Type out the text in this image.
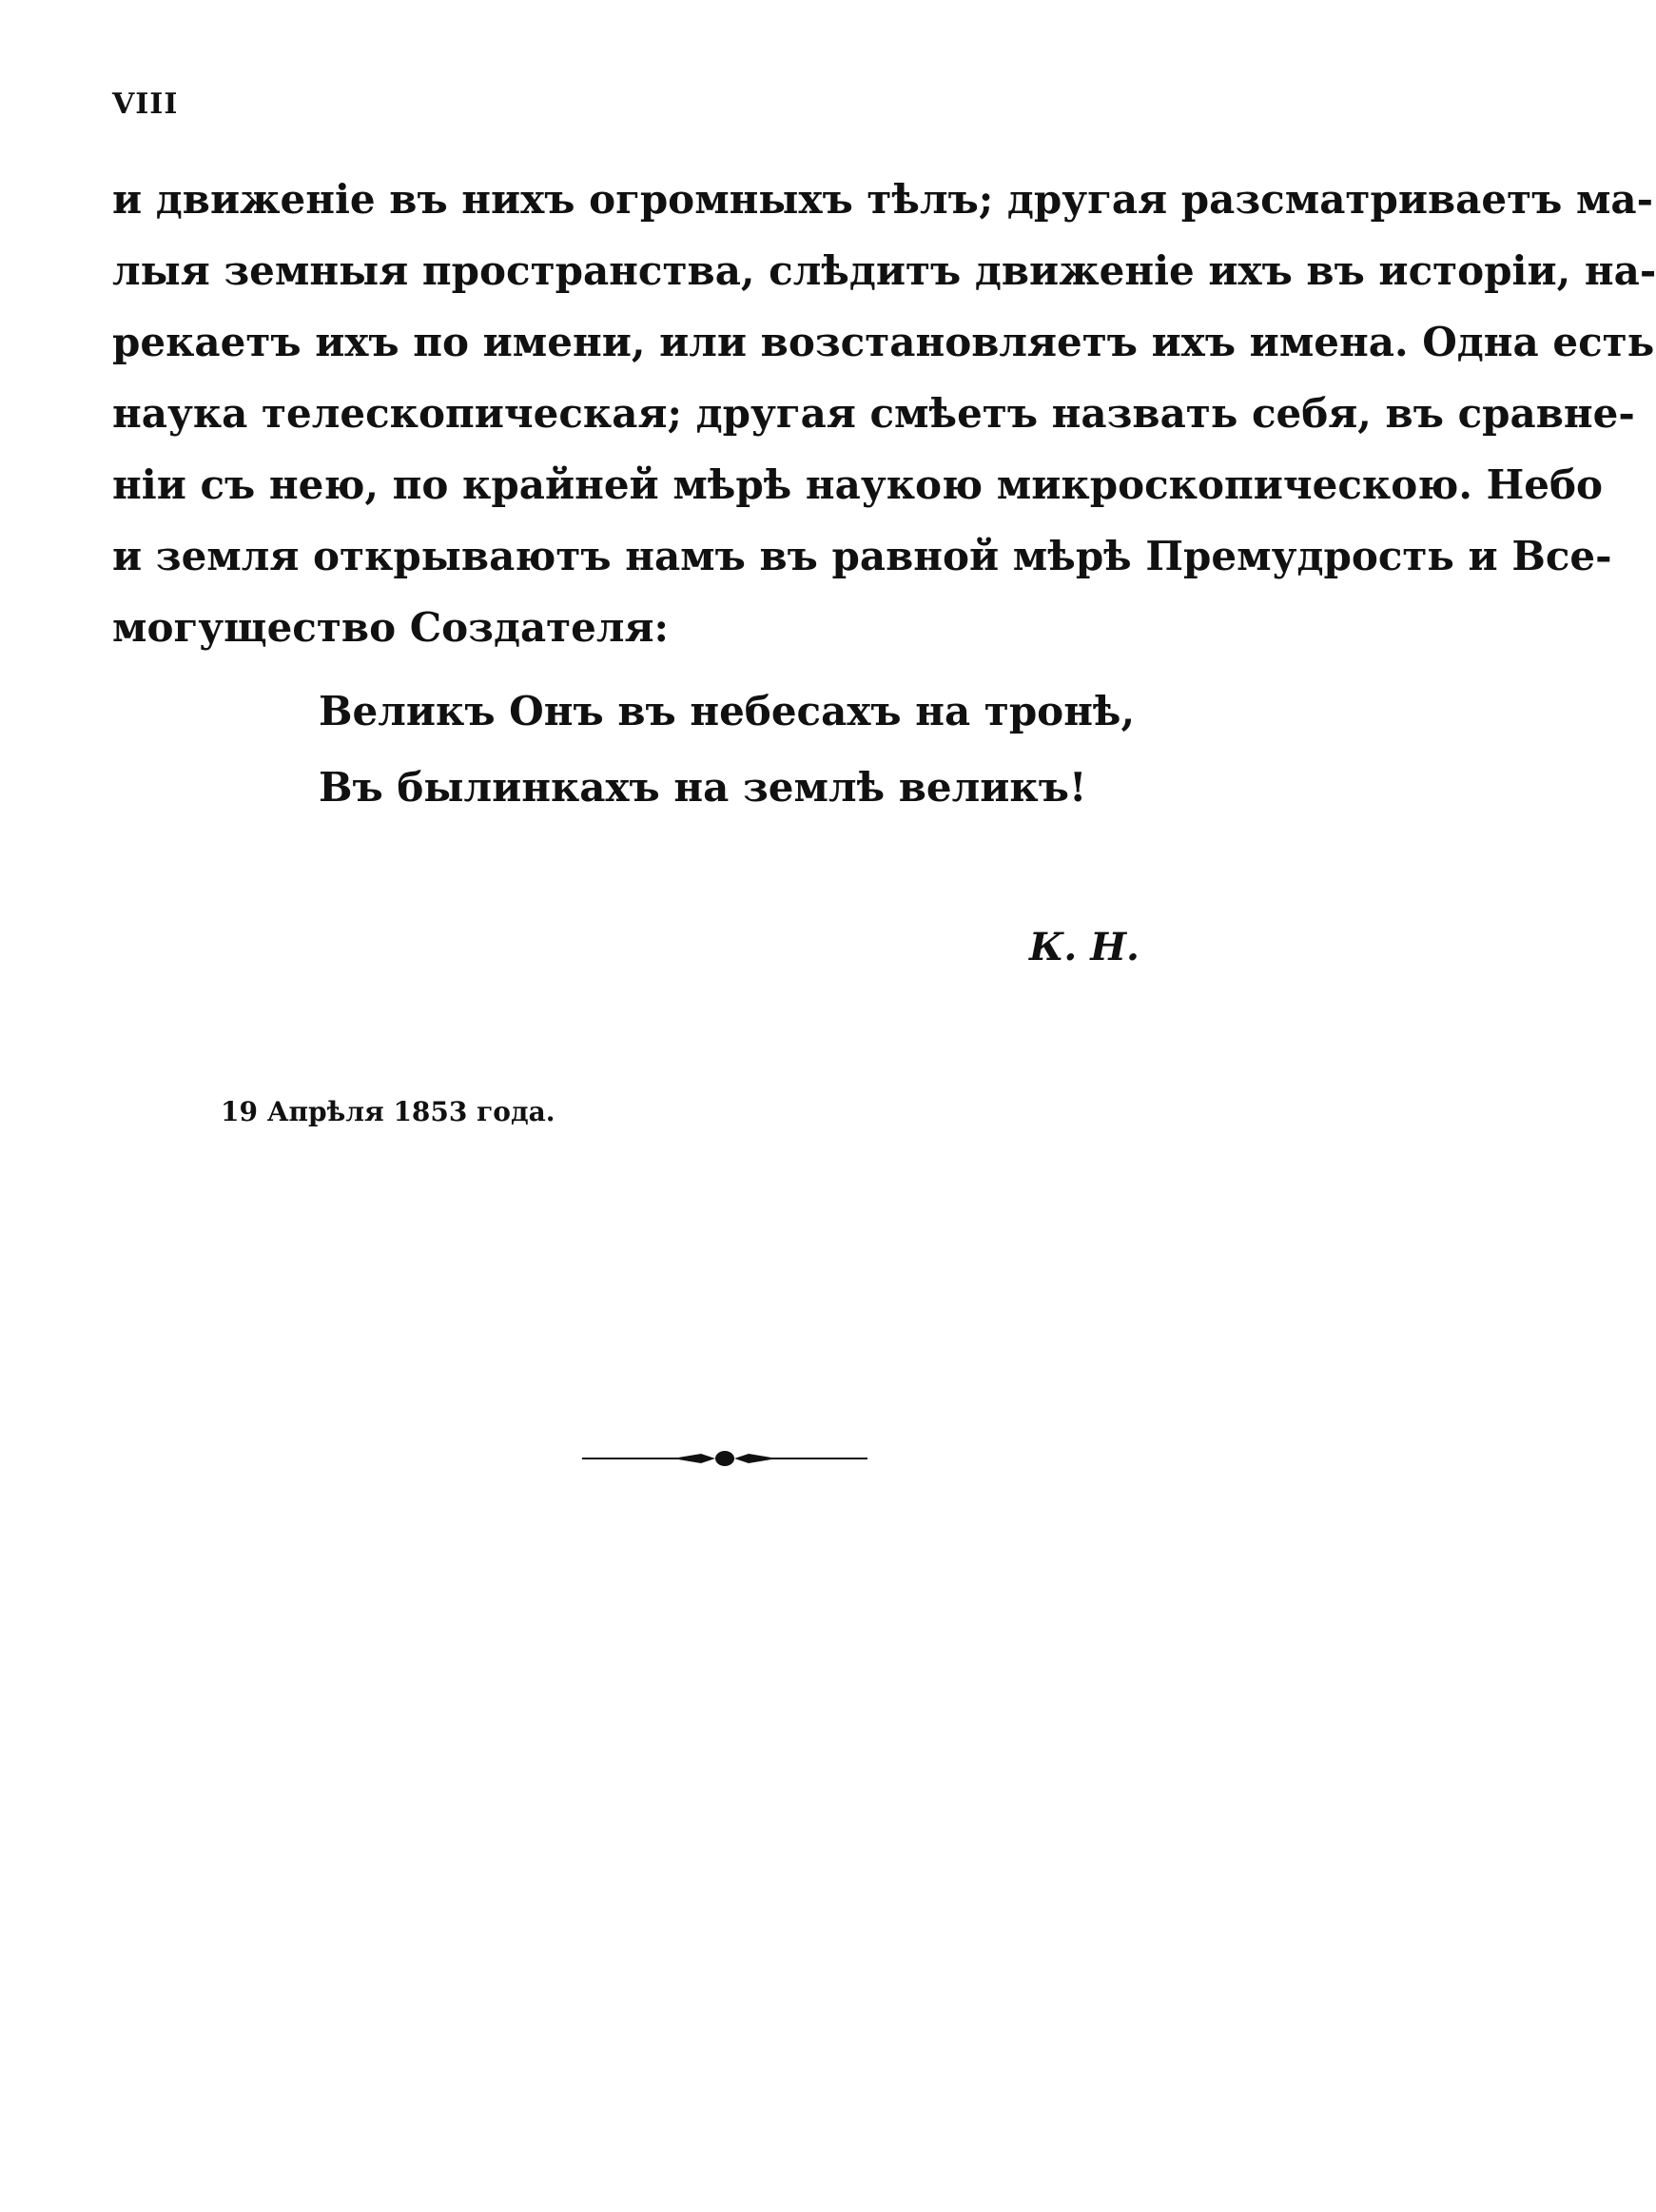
VIII
и движеніе въ нихъ огромныхъ тѣлъ; другая разсматриваетъ ма-
лыя земныя пространства, слѣдитъ движеніе ихъ въ исторіи, на-
рекаетъ ихъ по имени, или возстановляетъ ихъ имена. Одна есть
наука телескопическая; другая смѣетъ назвать себя, въ сравне-
ніи съ нею, по крайней мѣрѣ наукою микроскопическою. Небо
и земля открываютъ намъ въ равной мѣрѣ Премудрость и Все-
могущество Создателя:
Великъ Онъ въ небесахъ на тронѣ,
Въ былинкахъ на землѣ великъ!
К. Н.
19 Апрѣля 1853 года.
